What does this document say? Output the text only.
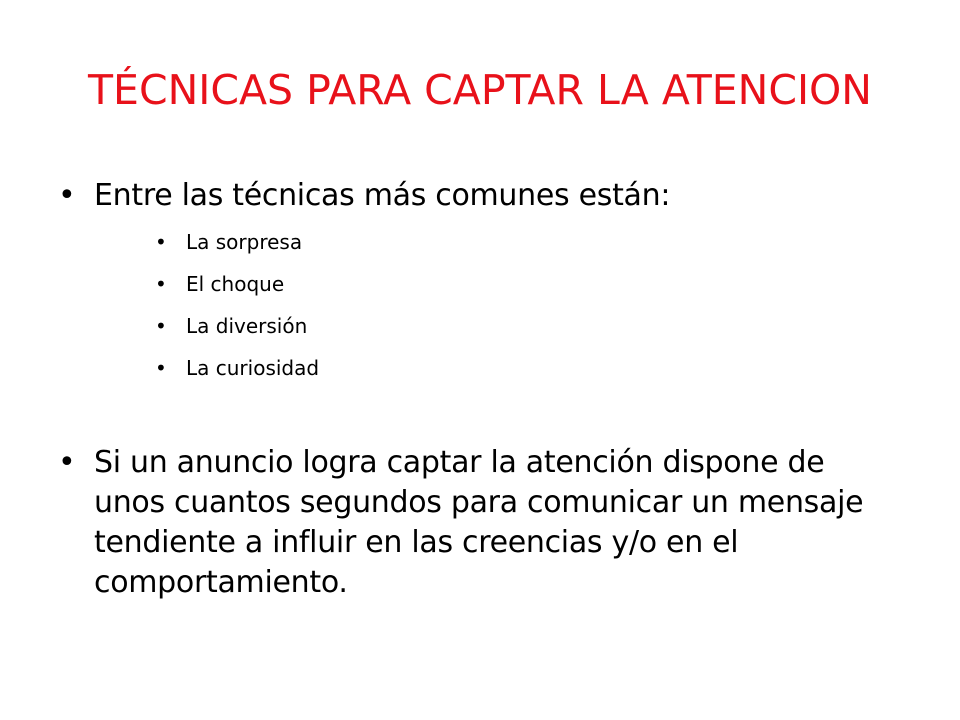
TÉCNICAS PARA CAPTAR LA ATENCION
• Entre las técnicas más comunes están:
• La sorpresa
• El choque
• La diversión
• La curiosidad
• Si un anuncio logra captar la atención dispone de unos cuantos segundos para comunicar un mensaje tendiente a influir en las creencias y/o en el comportamiento.
